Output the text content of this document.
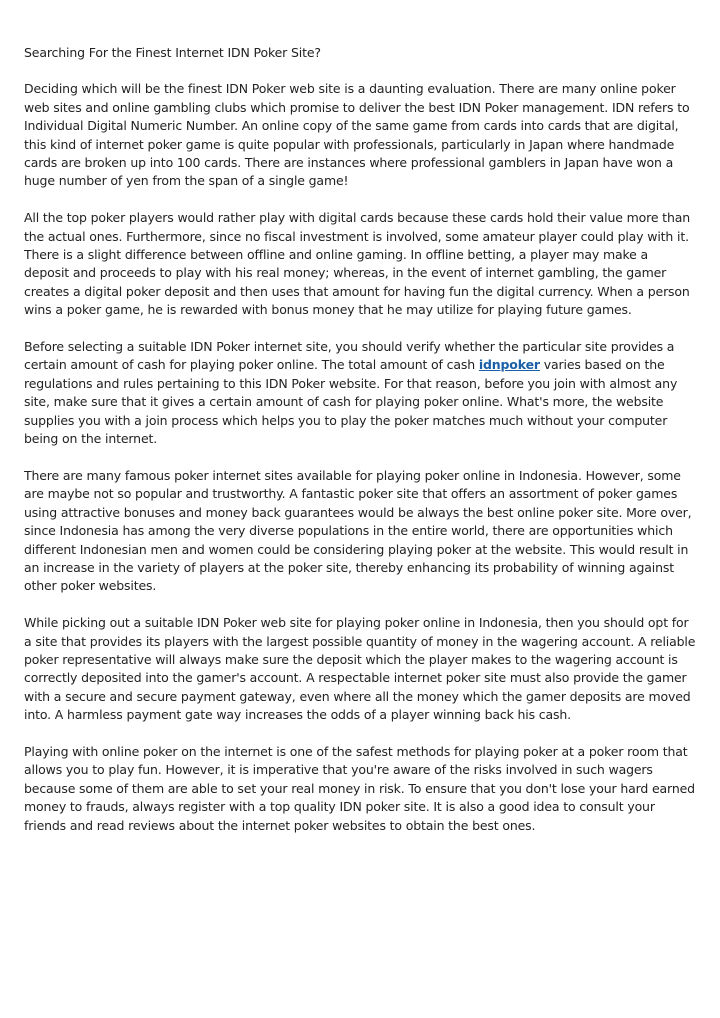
Searching For the Finest Internet IDN Poker Site?

Deciding which will be the finest IDN Poker web site is a daunting evaluation. There are many online poker web sites and online gambling clubs which promise to deliver the best IDN Poker management. IDN refers to Individual Digital Numeric Number. An online copy of the same game from cards into cards that are digital, this kind of internet poker game is quite popular with professionals, particularly in Japan where handmade cards are broken up into 100 cards. There are instances where professional gamblers in Japan have won a huge number of yen from the span of a single game!

All the top poker players would rather play with digital cards because these cards hold their value more than the actual ones. Furthermore, since no fiscal investment is involved, some amateur player could play with it. There is a slight difference between offline and online gaming. In offline betting, a player may make a deposit and proceeds to play with his real money; whereas, in the event of internet gambling, the gamer creates a digital poker deposit and then uses that amount for having fun the digital currency. When a person wins a poker game, he is rewarded with bonus money that he may utilize for playing future games.

Before selecting a suitable IDN Poker internet site, you should verify whether the particular site provides a certain amount of cash for playing poker online. The total amount of cash idnpoker varies based on the regulations and rules pertaining to this IDN Poker website. For that reason, before you join with almost any site, make sure that it gives a certain amount of cash for playing poker online. What's more, the website supplies you with a join process which helps you to play the poker matches much without your computer being on the internet.

There are many famous poker internet sites available for playing poker online in Indonesia. However, some are maybe not so popular and trustworthy. A fantastic poker site that offers an assortment of poker games using attractive bonuses and money back guarantees would be always the best online poker site. More over, since Indonesia has among the very diverse populations in the entire world, there are opportunities which different Indonesian men and women could be considering playing poker at the website. This would result in an increase in the variety of players at the poker site, thereby enhancing its probability of winning against other poker websites.

While picking out a suitable IDN Poker web site for playing poker online in Indonesia, then you should opt for a site that provides its players with the largest possible quantity of money in the wagering account. A reliable poker representative will always make sure the deposit which the player makes to the wagering account is correctly deposited into the gamer's account. A respectable internet poker site must also provide the gamer with a secure and secure payment gateway, even where all the money which the gamer deposits are moved into. A harmless payment gate way increases the odds of a player winning back his cash.

Playing with online poker on the internet is one of the safest methods for playing poker at a poker room that allows you to play fun. However, it is imperative that you're aware of the risks involved in such wagers because some of them are able to set your real money in risk. To ensure that you don't lose your hard earned money to frauds, always register with a top quality IDN poker site. It is also a good idea to consult your friends and read reviews about the internet poker websites to obtain the best ones.
